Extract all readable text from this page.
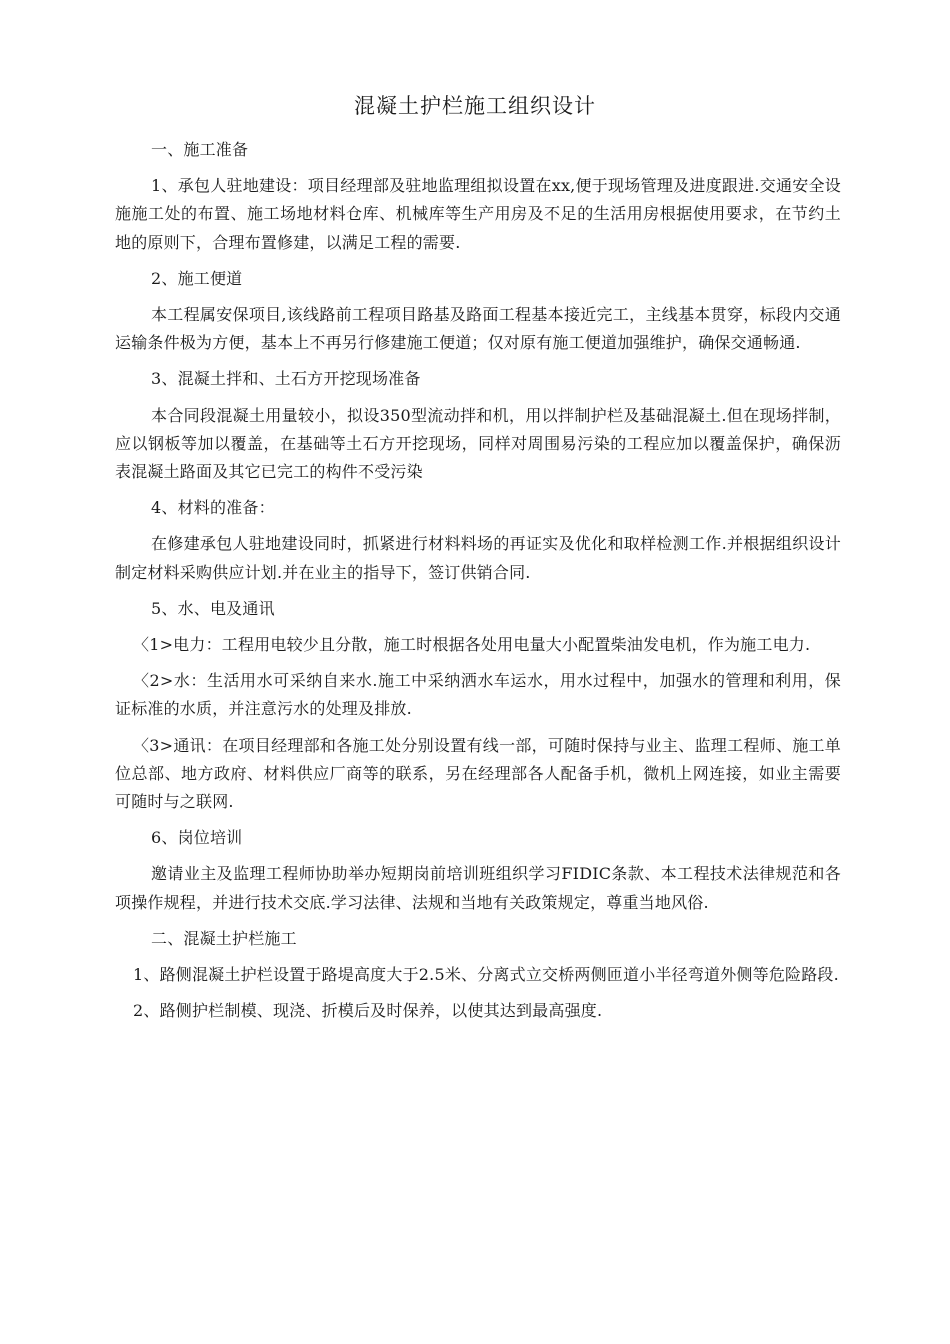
混凝土护栏施工组织设计

一、施工准备

1、承包人驻地建设：项目经理部及驻地监理组拟设置在xx,便于现场管理及进度跟进.交通安全设施施工处的布置、施工场地材料仓库、机械库等生产用房及不足的生活用房根据使用要求，在节约土地的原则下，合理布置修建，以满足工程的需要.

2、施工便道

本工程属安保项目,该线路前工程项目路基及路面工程基本接近完工，主线基本贯穿，标段内交通运输条件极为方便，基本上不再另行修建施工便道；仅对原有施工便道加强维护，确保交通畅通.

3、混凝土拌和、土石方开挖现场准备

本合同段混凝土用量较小，拟设350型流动拌和机，用以拌制护栏及基础混凝土.但在现场拌制，应以钢板等加以覆盖，在基础等土石方开挖现场，同样对周围易污染的工程应加以覆盖保护，确保沥表混凝土路面及其它已完工的构件不受污染

4、材料的准备：

在修建承包人驻地建设同时，抓紧进行材料料场的再证实及优化和取样检测工作.并根据组织设计制定材料采购供应计划.并在业主的指导下，签订供销合同.

5、水、电及通讯

〈1>电力：工程用电较少且分散，施工时根据各处用电量大小配置柴油发电机，作为施工电力.

〈2>水：生活用水可采纳自来水.施工中采纳洒水车运水，用水过程中，加强水的管理和利用，保证标准的水质，并注意污水的处理及排放.

〈3>通讯：在项目经理部和各施工处分别设置有线一部，可随时保持与业主、监理工程师、施工单位总部、地方政府、材料供应厂商等的联系，另在经理部各人配备手机，微机上网连接，如业主需要可随时与之联网.

6、岗位培训

邀请业主及监理工程师协助举办短期岗前培训班组织学习FIDIC条款、本工程技术法律规范和各项操作规程，并进行技术交底.学习法律、法规和当地有关政策规定，尊重当地风俗.

二、混凝土护栏施工

1、路侧混凝土护栏设置于路堤高度大于2.5米、分离式立交桥两侧匝道小半径弯道外侧等危险路段.

2、路侧护栏制模、现浇、折模后及时保养，以使其达到最高强度.
